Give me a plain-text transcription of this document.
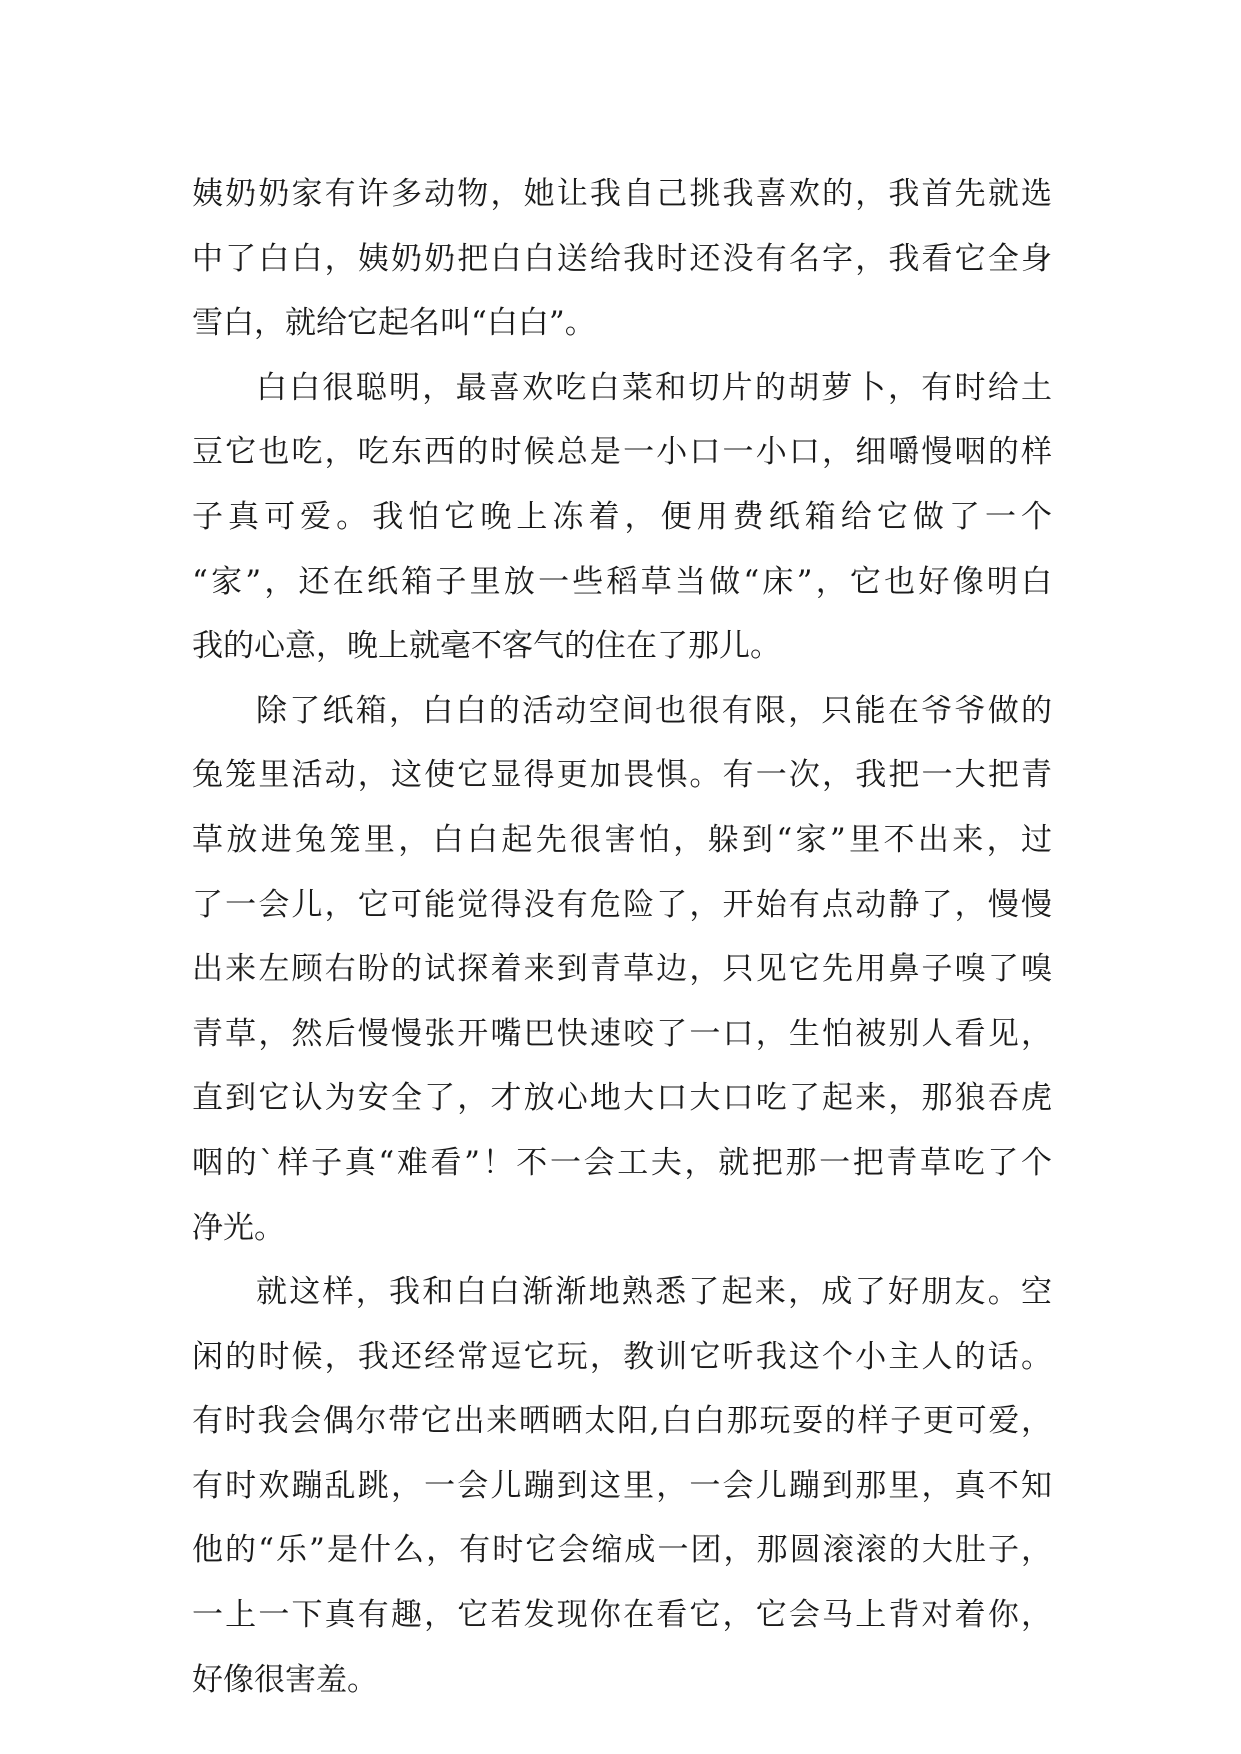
姨奶奶家有许多动物，她让我自己挑我喜欢的，我首先就选
中了白白，姨奶奶把白白送给我时还没有名字，我看它全身
雪白，就给它起名叫“白白”。
白白很聪明，最喜欢吃白菜和切片的胡萝卜，有时给土
豆它也吃，吃东西的时候总是一小口一小口，细嚼慢咽的样
子真可爱。我怕它晚上冻着，便用费纸箱给它做了一个
“家”，还在纸箱子里放一些稻草当做“床”，它也好像明白
我的心意，晚上就毫不客气的住在了那儿。
除了纸箱，白白的活动空间也很有限，只能在爷爷做的
兔笼里活动，这使它显得更加畏惧。有一次，我把一大把青
草放进兔笼里，白白起先很害怕，躲到“家”里不出来，过
了一会儿，它可能觉得没有危险了，开始有点动静了，慢慢
出来左顾右盼的试探着来到青草边，只见它先用鼻子嗅了嗅
青草，然后慢慢张开嘴巴快速咬了一口，生怕被别人看见，
直到它认为安全了，才放心地大口大口吃了起来，那狼吞虎
咽的`样子真“难看”！不一会工夫，就把那一把青草吃了个
净光。
就这样，我和白白渐渐地熟悉了起来，成了好朋友。空
闲的时候，我还经常逗它玩，教训它听我这个小主人的话。
有时我会偶尔带它出来晒晒太阳,白白那玩耍的样子更可爱，
有时欢蹦乱跳，一会儿蹦到这里，一会儿蹦到那里，真不知
他的“乐”是什么，有时它会缩成一团，那圆滚滚的大肚子，
一上一下真有趣，它若发现你在看它，它会马上背对着你，
好像很害羞。
